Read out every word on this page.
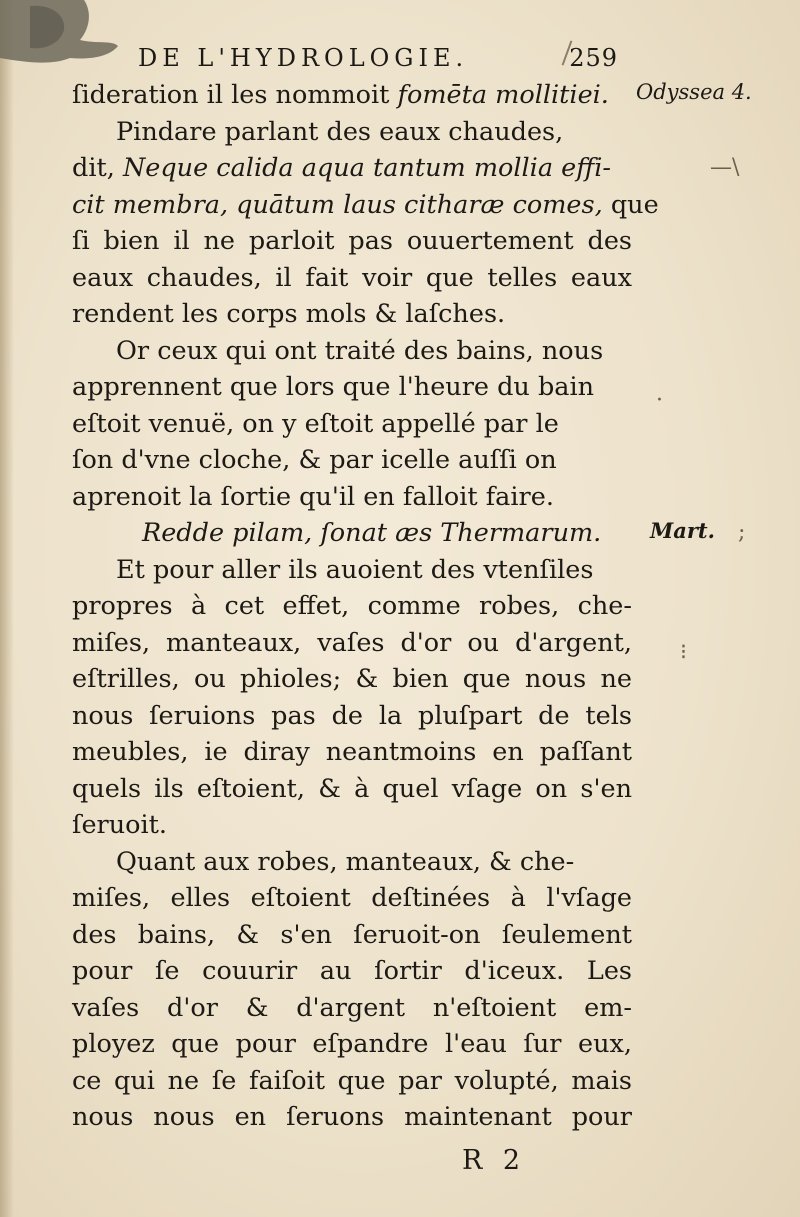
DE L'HYDROLOGIE.	259
ſideration il les nommoit fomēta mollitiei.
Pindare parlant des eaux chaudes,
dit, Neque calida aqua tantum mollia effi-
cit membra, quātum laus citharæ comes, que
ſi bien il ne parloit pas ouuertement des
eaux chaudes, il fait voir que telles eaux
rendent les corps mols & laſches.
Or ceux qui ont traité des bains, nous
apprennent que lors que l'heure du bain
eſtoit venuë, on y eſtoit appellé par le
ſon d'vne cloche, & par icelle auſſi on
aprenoit la ſortie qu'il en falloit faire.
Redde pilam, ſonat æs Thermarum.
Et pour aller ils auoient des vtenſiles
propres à cet effet, comme robes, che-
miſes, manteaux, vaſes d'or ou d'argent,
eſtrilles, ou phioles; & bien que nous ne
nous ſeruions pas de la pluſpart de tels
meubles, ie diray neantmoins en paſſant
quels ils eſtoient, & à quel vſage on s'en
ſeruoit.
Quant aux robes, manteaux, & che-
miſes, elles eſtoient deſtinées à l'vſage
des bains, & s'en ſeruoit-on ſeulement
pour ſe couurir au ſortir d'iceux. Les
vaſes d'or & d'argent n'eſtoient em-
ployez que pour eſpandre l'eau ſur eux,
ce qui ne ſe faiſoit que par volupté, mais
nous nous en ſeruons maintenant pour
Odyssea 4.
Mart.
—\
·
;
⁝
R 2
